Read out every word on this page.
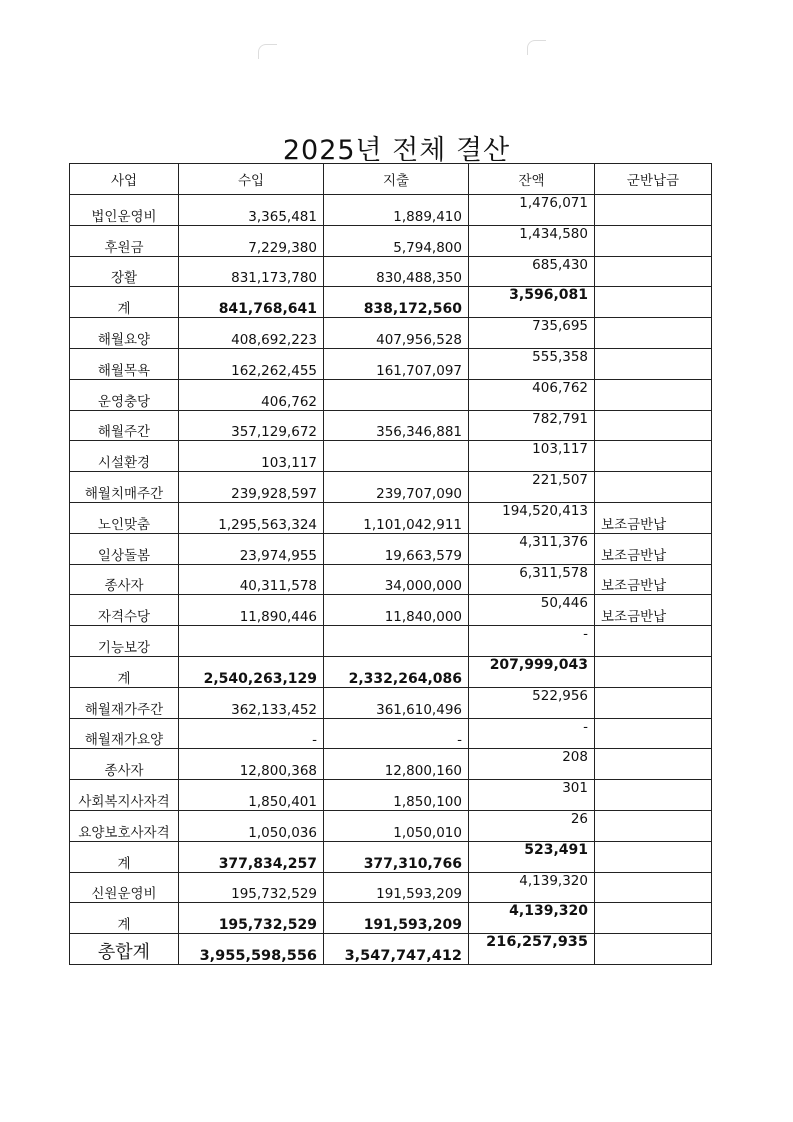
2025년 전체 결산
사업	수입	지출	잔액	군반납금
법인운영비	3,365,481	1,889,410	1,476,071	
후원금	7,229,380	5,794,800	1,434,580	
장활	831,173,780	830,488,350	685,430	
계	841,768,641	838,172,560	3,596,081	
해월요양	408,692,223	407,956,528	735,695	
해월목욕	162,262,455	161,707,097	555,358	
운영충당	406,762		406,762	
해월주간	357,129,672	356,346,881	782,791	
시설환경	103,117		103,117	
해월치매주간	239,928,597	239,707,090	221,507	
노인맞춤	1,295,563,324	1,101,042,911	194,520,413	보조금반납
일상돌봄	23,974,955	19,663,579	4,311,376	보조금반납
종사자	40,311,578	34,000,000	6,311,578	보조금반납
자격수당	11,890,446	11,840,000	50,446	보조금반납
기능보강			-	
계	2,540,263,129	2,332,264,086	207,999,043	
해월재가주간	362,133,452	361,610,496	522,956	
해월재가요양	-	-	-	
종사자	12,800,368	12,800,160	208	
사회복지사자격	1,850,401	1,850,100	301	
요양보호사자격	1,050,036	1,050,010	26	
계	377,834,257	377,310,766	523,491	
신원운영비	195,732,529	191,593,209	4,139,320	
계	195,732,529	191,593,209	4,139,320	
총합계	3,955,598,556	3,547,747,412	216,257,935	
